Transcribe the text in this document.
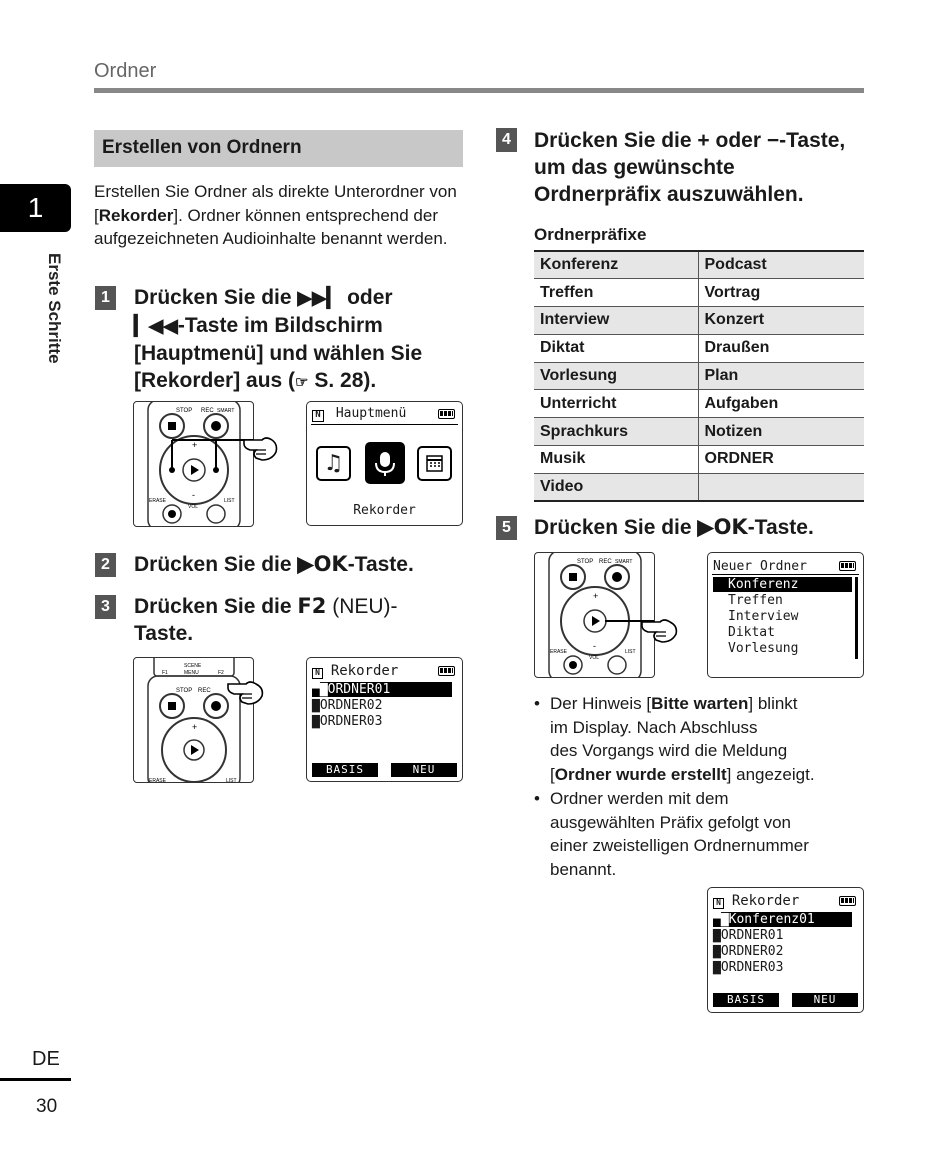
Ordner
1
Erste Schritte
DE
30
Erstellen von Ordnern
Erstellen Sie Ordner als direkte Unterordner von [Rekorder]. Ordner können entsprechend der aufgezeichneten Audioinhalte benannt werden.
1 Drücken Sie die ▶▶▎ oder
▎◀◀-Taste im Bildschirm
[Hauptmenü] und wählen Sie
[Rekorder] aus (☞ S. 28).
STOP REC SMART
+
-
ERASE
VOL
LIST
N Hauptmenü
♫
Rekorder
2 Drücken Sie die ▶OK-Taste.
3 Drücken Sie die F2 (NEU)-
Taste.
SCENE
MENU
F1	F2
STOP REC
+
ERASE	LIST
N Rekorder
▀▇ORDNER01
▇ORDNER02
▇ORDNER03
BASIS	NEU
4 Drücken Sie die + oder −-Taste,
um das gewünschte
Ordnerpräfix auszuwählen.
Ordnerpräfixe
Konferenz	Podcast
Treffen	Vortrag
Interview	Konzert
Diktat	Draußen
Vorlesung	Plan
Unterricht	Aufgaben
Sprachkurs	Notizen
Musik	ORDNER
Video	
5 Drücken Sie die ▶OK-Taste.
STOP REC SMART
+
-
ERASE
VOL
LIST
Neuer Ordner
Konferenz
Treffen
Interview
Diktat
Vorlesung
• Der Hinweis [Bitte warten] blinkt
im Display. Nach Abschluss
des Vorgangs wird die Meldung
[Ordner wurde erstellt] angezeigt.
• Ordner werden mit dem
ausgewählten Präfix gefolgt von
einer zweistelligen Ordnernummer
benannt.
N Rekorder
▀▇Konferenz01
▇ORDNER01
▇ORDNER02
▇ORDNER03
BASIS	NEU
